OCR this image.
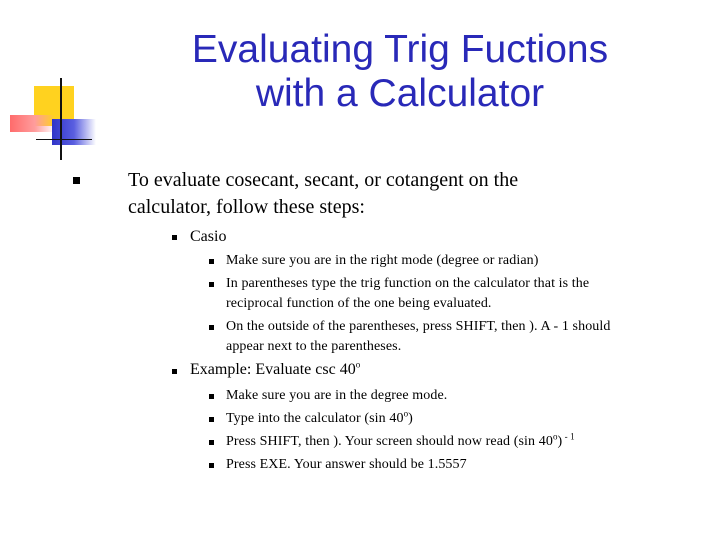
Evaluating Trig Fuctions
with a Calculator
To evaluate cosecant, secant, or cotangent on the
calculator, follow these steps:
Casio
Make sure you are in the right mode (degree or radian)
In parentheses type the trig function on the calculator that is the
reciprocal function of the one being evaluated.
On the outside of the parentheses, press SHIFT, then ). A - 1 should
appear next to the parentheses.
Example: Evaluate csc 40$^o$
Make sure you are in the degree mode.
Type into the calculator (sin 40$^o$)
Press SHIFT, then ). Your screen should now read (sin 40$^o$) $^{- 1}$
Press EXE. Your answer should be 1.5557
